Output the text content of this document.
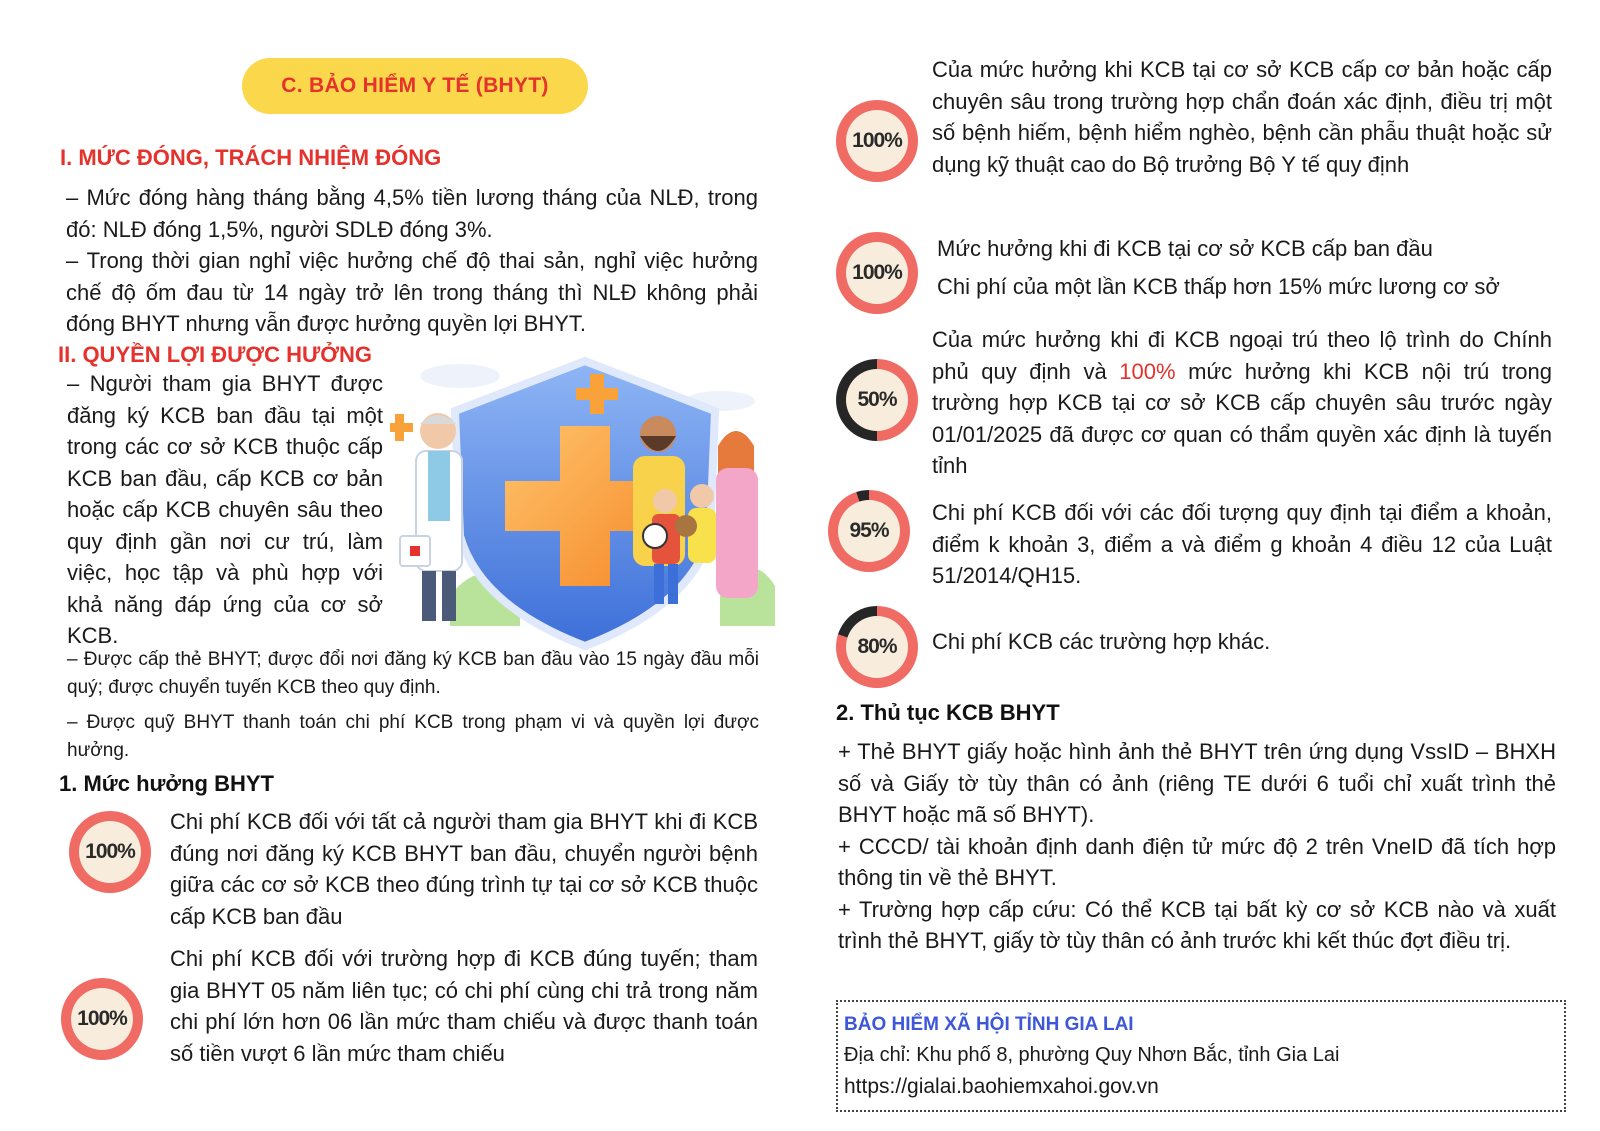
C. BẢO HIỂM Y TẾ (BHYT)
I. MỨC ĐÓNG, TRÁCH NHIỆM ĐÓNG

– Mức đóng hàng tháng bằng 4,5% tiền lương tháng của NLĐ, trong đó: NLĐ đóng 1,5%, người SDLĐ đóng 3%.

– Trong thời gian nghỉ việc hưởng chế độ thai sản, nghỉ việc hưởng chế độ ốm đau từ 14 ngày trở lên trong tháng thì NLĐ không phải đóng BHYT nhưng vẫn được hưởng quyền lợi BHYT.

II. QUYỀN LỢI ĐƯỢC HƯỞNG

– Người tham gia BHYT được đăng ký KCB ban đầu tại một trong các cơ sở KCB thuộc cấp KCB ban đầu, cấp KCB cơ bản hoặc cấp KCB chuyên sâu theo quy định gần nơi cư trú, làm việc, học tập và phù hợp với khả năng đáp ứng của cơ sở KCB.

– Được cấp thẻ BHYT; được đổi nơi đăng ký KCB ban đầu vào 15 ngày đầu mỗi quý; được chuyển tuyến KCB theo quy định.

– Được quỹ BHYT thanh toán chi phí KCB trong phạm vi và quyền lợi được hưởng.

1. Mức hưởng BHYT
100%

Chi phí KCB đối với tất cả người tham gia BHYT khi đi KCB đúng nơi đăng ký KCB BHYT ban đầu, chuyển người bệnh giữa các cơ sở KCB theo đúng trình tự tại cơ sở KCB thuộc cấp KCB ban đầu

100%

Chi phí KCB đối với trường hợp đi KCB đúng tuyến; tham gia BHYT 05 năm liên tục; có chi phí cùng chi trả trong năm chi phí lớn hơn 06 lần mức tham chiếu và được thanh toán số tiền vượt 6 lần mức tham chiếu

100%

Của mức hưởng khi KCB tại cơ sở KCB cấp cơ bản hoặc cấp chuyên sâu trong trường hợp chẩn đoán xác định, điều trị một số bệnh hiếm, bệnh hiểm nghèo, bệnh cần phẫu thuật hoặc sử dụng kỹ thuật cao do Bộ trưởng Bộ Y tế quy định

100%

Mức hưởng khi đi KCB tại cơ sở KCB cấp ban đầu

Chi phí của một lần KCB thấp hơn 15% mức lương cơ sở

50%

Của mức hưởng khi đi KCB ngoại trú theo lộ trình do Chính phủ quy định và 100% mức hưởng khi KCB nội trú trong trường hợp KCB tại cơ sở KCB cấp chuyên sâu trước ngày 01/01/2025 đã được cơ quan có thẩm quyền xác định là tuyến tỉnh

95%

Chi phí KCB đối với các đối tượng quy định tại điểm a khoản, điểm k khoản 3, điểm a và điểm g khoản 4 điều 12 của Luật 51/2014/QH15.

80%	Chi phí KCB các trường hợp khác.

2. Thủ tục KCB BHYT

+ Thẻ BHYT giấy hoặc hình ảnh thẻ BHYT trên ứng dụng VssID – BHXH số và Giấy tờ tùy thân có ảnh (riêng TE dưới 6 tuổi chỉ xuất trình thẻ BHYT hoặc mã số BHYT).

+ CCCD/ tài khoản định danh điện tử mức độ 2 trên VneID đã tích hợp thông tin về thẻ BHYT.

+ Trường hợp cấp cứu: Có thể KCB tại bất kỳ cơ sở KCB nào và xuất trình thẻ BHYT, giấy tờ tùy thân có ảnh trước khi kết thúc đợt điều trị.

BẢO HIỂM XÃ HỘI TỈNH GIA LAI
Địa chỉ: Khu phố 8, phường Quy Nhơn Bắc, tỉnh Gia Lai
https://gialai.baohiemxahoi.gov.vn
